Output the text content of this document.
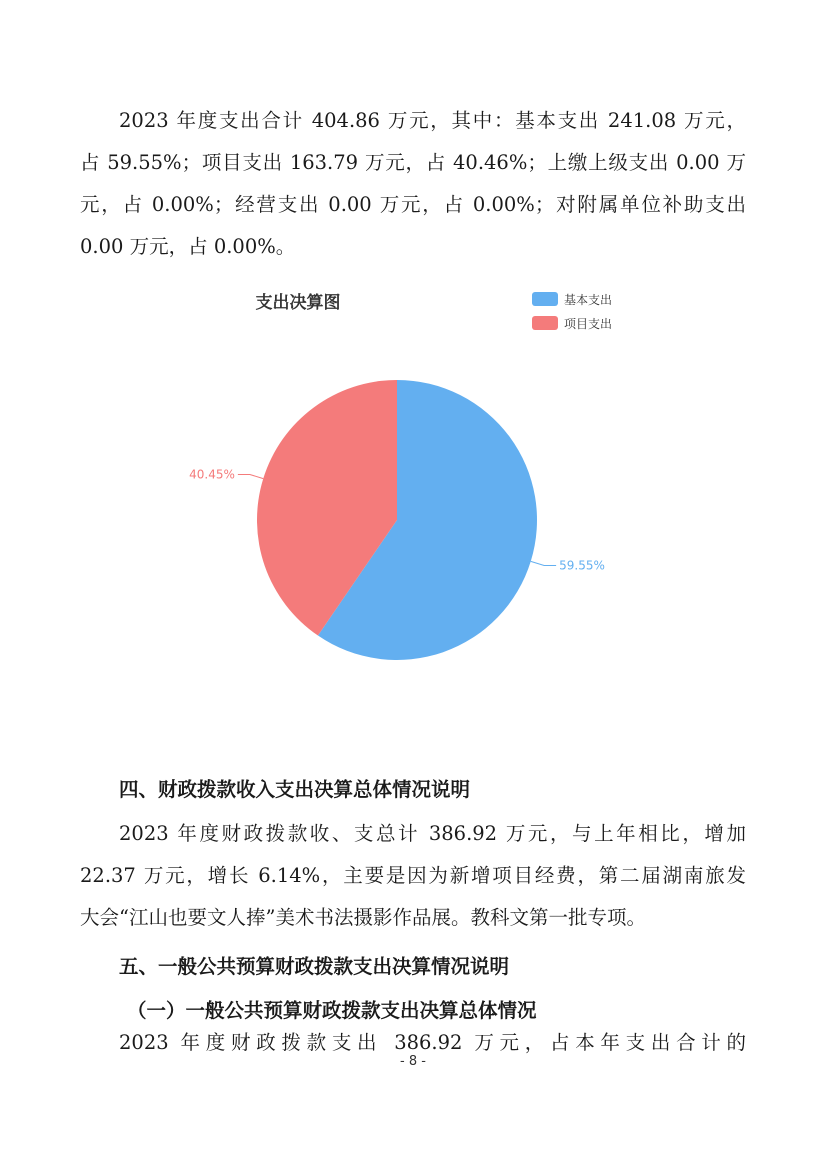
2023 年度支出合计 404.86 万元，其中：基本支出 241.08 万元，
占 59.55%；项目支出 163.79 万元，占 40.46%；上缴上级支出 0.00 万
元，占 0.00%；经营支出 0.00 万元，占 0.00%；对附属单位补助支出
0.00 万元，占 0.00%。

支出决算图	基本支出
项目支出
59.55%
40.45%
四、财政拨款收入支出决算总体情况说明

2023 年度财政拨款收、支总计 386.92 万元，与上年相比，增加
22.37 万元，增长 6.14%，主要是因为新增项目经费，第二届湖南旅发
大会“江山也要文人捧”美术书法摄影作品展。教科文第一批专项。

五、一般公共预算财政拨款支出决算情况说明
（一）一般公共预算财政拨款支出决算总体情况

2023 年度财政拨款支出 386.92 万元，占本年支出合计的

- 8 -
